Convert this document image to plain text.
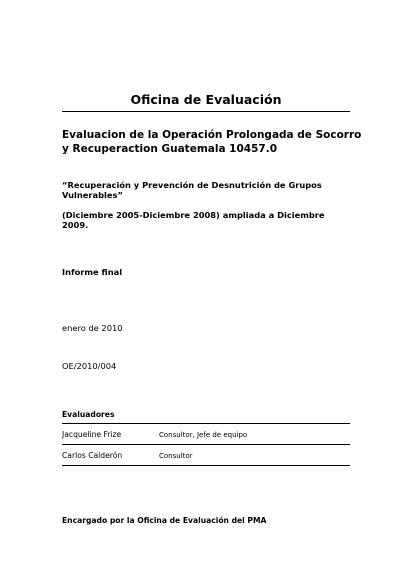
Oficina de Evaluación
Evaluacion de la Operación Prolongada de Socorro y Recuperaction Guatemala 10457.0
“Recuperación y Prevención de Desnutrición de Grupos Vulnerables”
(Diciembre 2005-Diciembre 2008) ampliada a Diciembre 2009.
Informe final
enero de 2010
OE/2010/004
Evaluadores
Jacqueline Frize	Consultor, Jefe de equipo
Carlos Calderón	Consultor
Encargado por la Oficina de Evaluación del PMA
